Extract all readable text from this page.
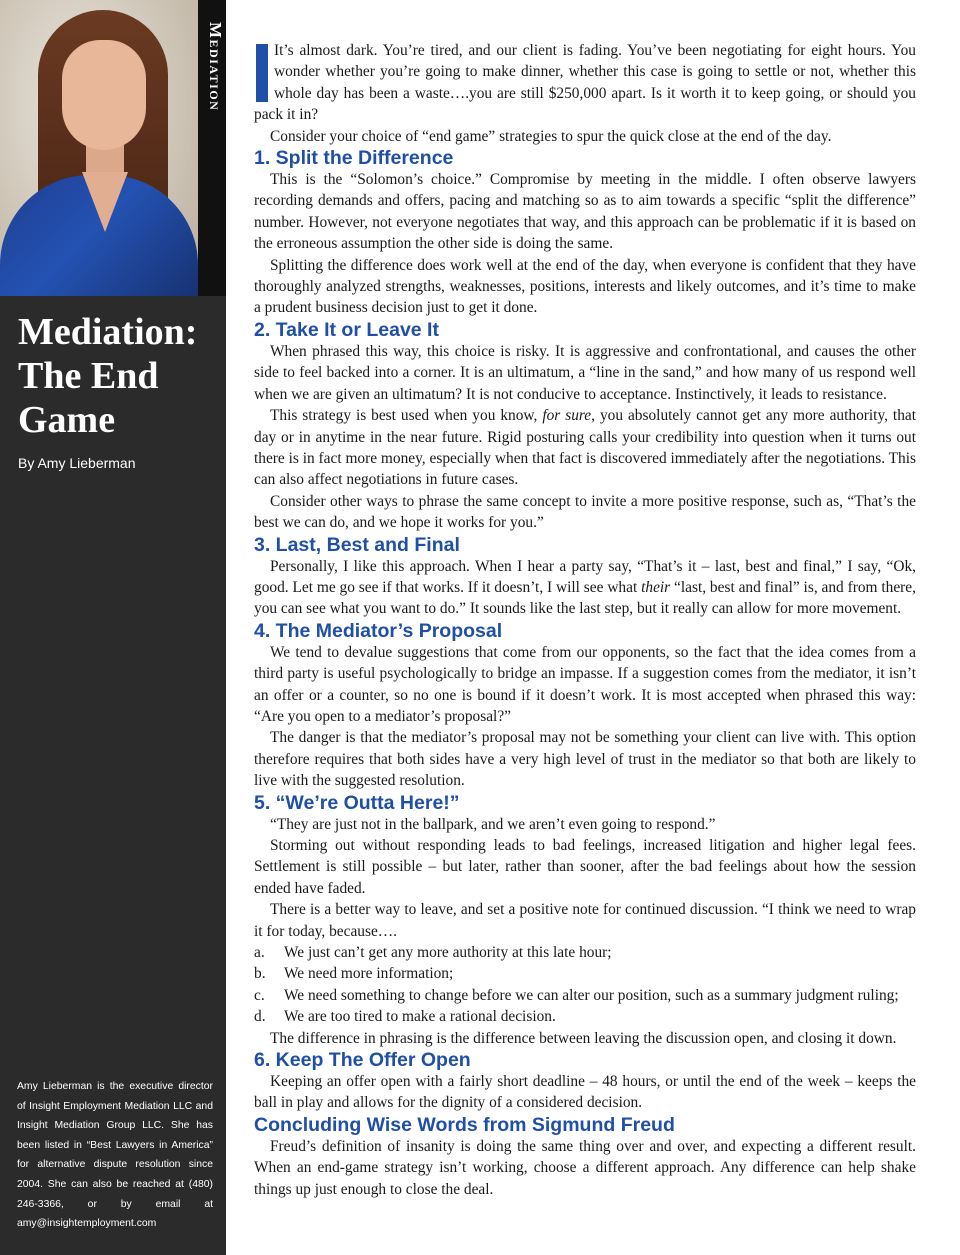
Mediation
Mediation: The End Game
By Amy Lieberman
Amy Lieberman is the executive director of Insight Employment Mediation LLC and Insight Mediation Group LLC. She has been listed in “Best Lawyers in America” for alternative dispute resolution since 2004. She can also be reached at (480) 246-3366, or by email at amy@insightemployment.com

It’s almost dark. You’re tired, and our client is fading. You’ve been negotiating for eight hours. You wonder whether you’re going to make dinner, whether this case is going to settle or not, whether this whole day has been a waste….you are still $250,000 apart. Is it worth it to keep going, or should you pack it in?

Consider your choice of “end game” strategies to spur the quick close at the end of the day.

1. Split the Difference

This is the “Solomon’s choice.” Compromise by meeting in the middle. I often observe lawyers recording demands and offers, pacing and matching so as to aim towards a specific “split the difference” number. However, not everyone negotiates that way, and this approach can be problematic if it is based on the erroneous assumption the other side is doing the same.

Splitting the difference does work well at the end of the day, when everyone is confident that they have thoroughly analyzed strengths, weaknesses, positions, interests and likely outcomes, and it’s time to make a prudent business decision just to get it done.

2. Take It or Leave It

When phrased this way, this choice is risky. It is aggressive and confrontational, and causes the other side to feel backed into a corner. It is an ultimatum, a “line in the sand,” and how many of us respond well when we are given an ultimatum? It is not conducive to acceptance. Instinctively, it leads to resistance.

This strategy is best used when you know, for sure, you absolutely cannot get any more authority, that day or in anytime in the near future. Rigid posturing calls your credibility into question when it turns out there is in fact more money, especially when that fact is discovered immediately after the negotiations. This can also affect negotiations in future cases.

Consider other ways to phrase the same concept to invite a more positive response, such as, “That’s the best we can do, and we hope it works for you.”

3. Last, Best and Final

Personally, I like this approach. When I hear a party say, “That’s it – last, best and final,” I say, “Ok, good. Let me go see if that works. If it doesn’t, I will see what their “last, best and final” is, and from there, you can see what you want to do.” It sounds like the last step, but it really can allow for more movement.

4. The Mediator’s Proposal

We tend to devalue suggestions that come from our opponents, so the fact that the idea comes from a third party is useful psychologically to bridge an impasse. If a suggestion comes from the mediator, it isn’t an offer or a counter, so no one is bound if it doesn’t work. It is most accepted when phrased this way: “Are you open to a mediator’s proposal?”

The danger is that the mediator’s proposal may not be something your client can live with. This option therefore requires that both sides have a very high level of trust in the mediator so that both are likely to live with the suggested resolution.

5. “We’re Outta Here!”

“They are just not in the ballpark, and we aren’t even going to respond.”

Storming out without responding leads to bad feelings, increased litigation and higher legal fees. Settlement is still possible – but later, rather than sooner, after the bad feelings about how the session ended have faded.

There is a better way to leave, and set a positive note for continued discussion. “I think we need to wrap it for today, because….

a.	We just can’t get any more authority at this late hour;
b.	We need more information;
c.	We need something to change before we can alter our position, such as a summary judgment ruling;
d.	We are too tired to make a rational decision.

The difference in phrasing is the difference between leaving the discussion open, and closing it down.

6. Keep The Offer Open

Keeping an offer open with a fairly short deadline – 48 hours, or until the end of the week – keeps the ball in play and allows for the dignity of a considered decision.

Concluding Wise Words from Sigmund Freud

Freud’s definition of insanity is doing the same thing over and over, and expecting a different result. When an end-game strategy isn’t working, choose a different approach. Any difference can help shake things up just enough to close the deal.
